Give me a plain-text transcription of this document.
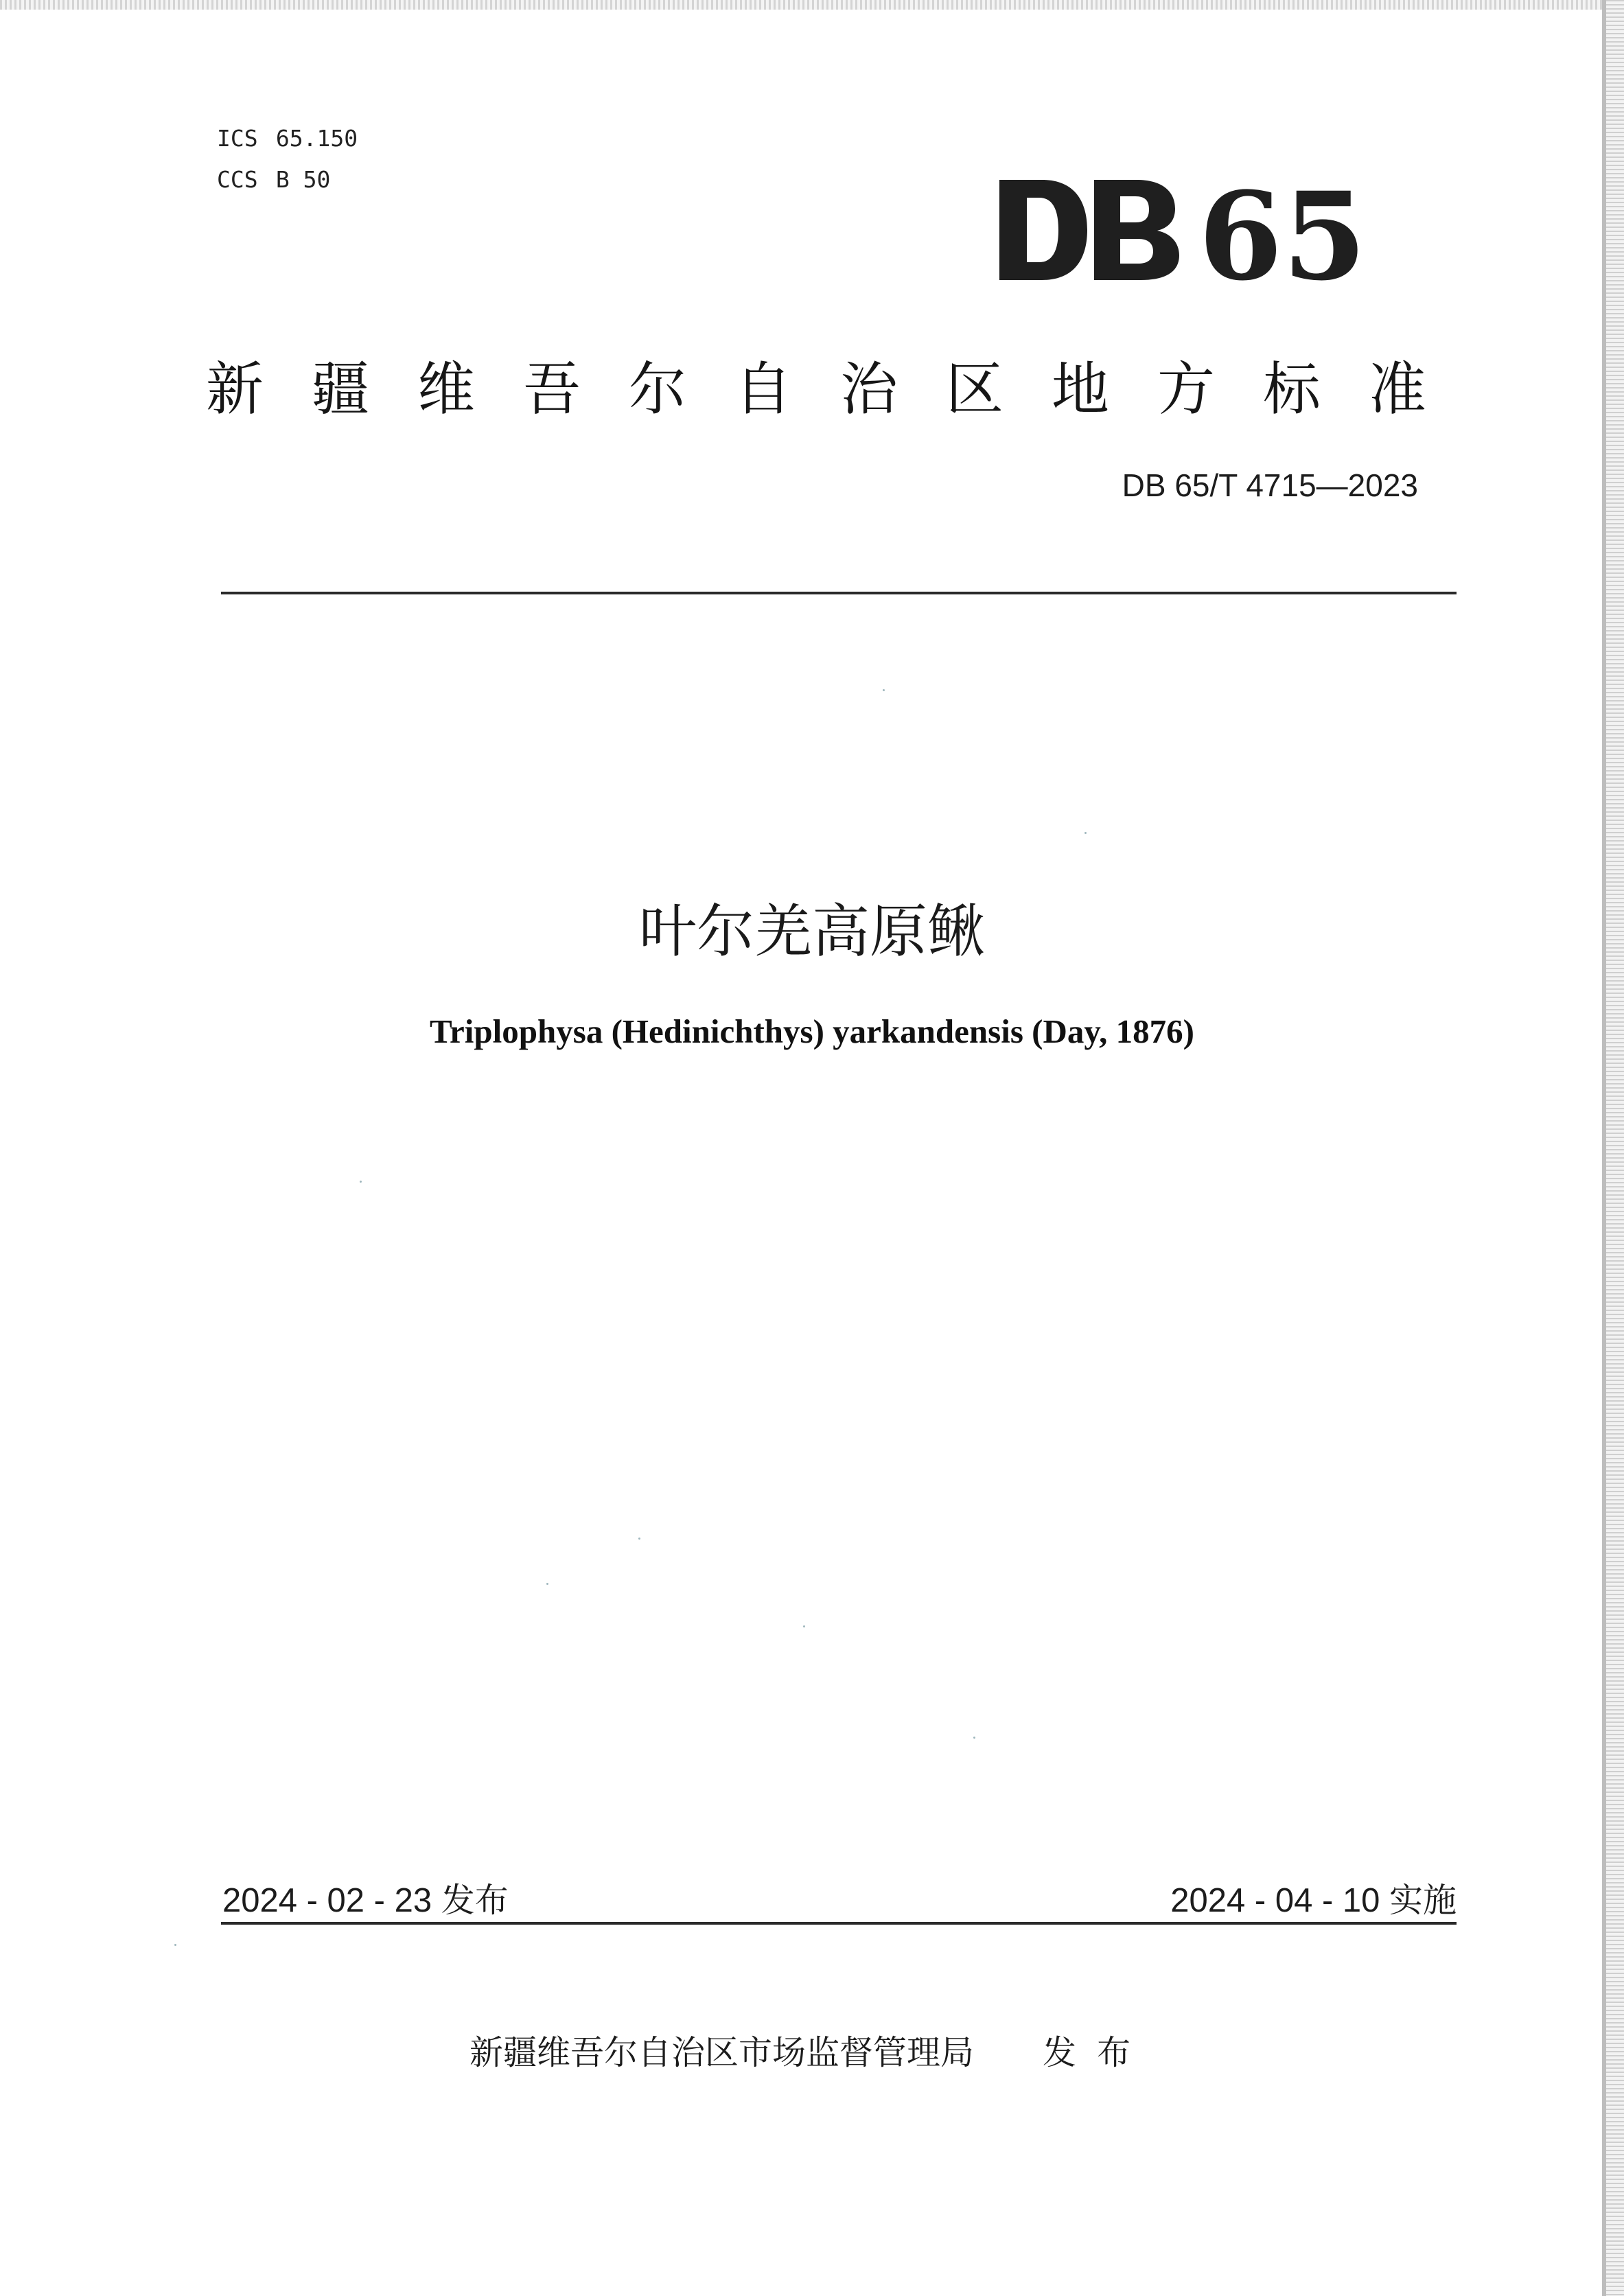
ICS 65.150
CCS B 50	65
新疆维吾尔自治区地方标准
DB 65/T 4715—2023
叶尔羌高原鳅
Triplophysa (Hedinichthys) yarkandensis (Day, 1876)
2024 - 02 - 23 发布	2024 - 04 - 10 实施
新疆维吾尔自治区市场监督管理局 发布
